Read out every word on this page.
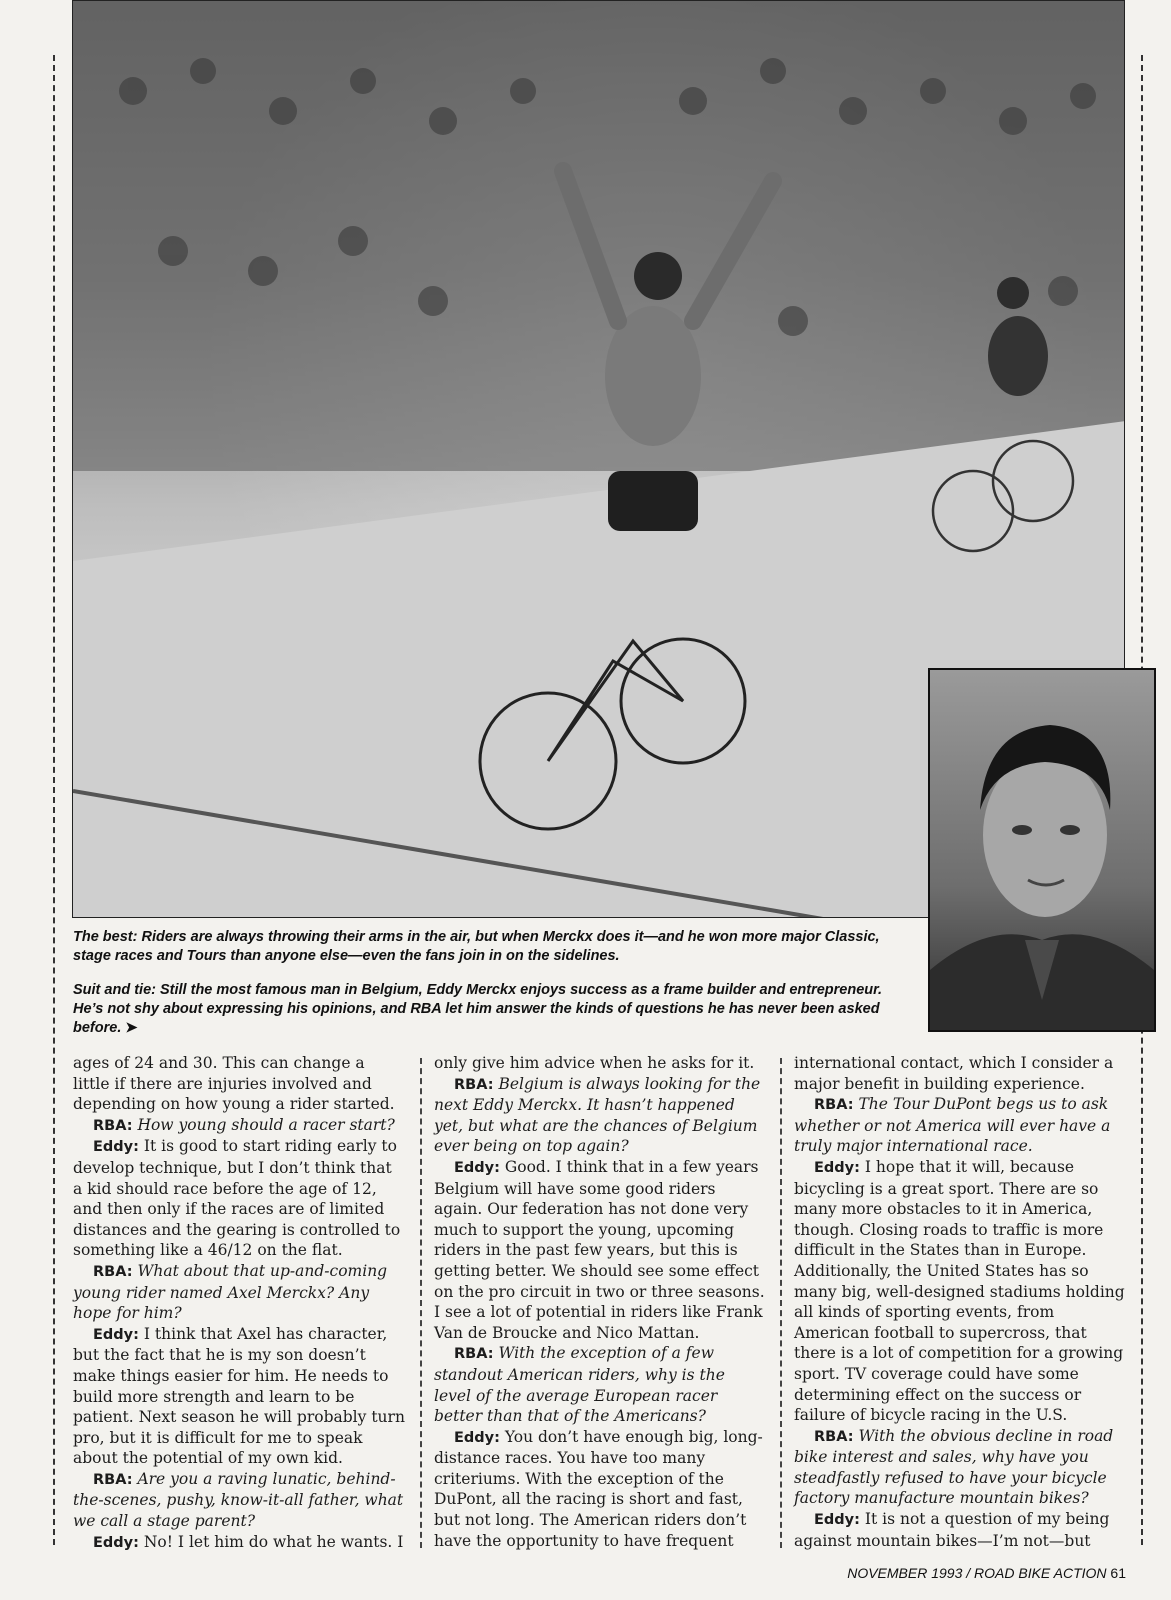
The best: Riders are always throwing their arms in the air, but when Merckx does it—and he won more major Classic, stage races and Tours than anyone else—even the fans join in on the sidelines.
Suit and tie: Still the most famous man in Belgium, Eddy Merckx enjoys success as a frame builder and entrepreneur. He’s not shy about expressing his opinions, and RBA let him answer the kinds of questions he has never been asked before. ➤

ages of 24 and 30. This can change a little if there are injuries involved and depending on how young a rider started.

RBA: How young should a racer start?

Eddy: It is good to start riding early to develop technique, but I don’t think that a kid should race before the age of 12, and then only if the races are of limited distances and the gearing is controlled to something like a 46/12 on the flat.

RBA: What about that up-and-coming young rider named Axel Merckx? Any hope for him?

Eddy: I think that Axel has character, but the fact that he is my son doesn’t make things easier for him. He needs to build more strength and learn to be patient. Next season he will probably turn pro, but it is difficult for me to speak about the potential of my own kid.

RBA: Are you a raving lunatic, behind-the-scenes, pushy, know-it-all father, what we call a stage parent?

Eddy: No! I let him do what he wants. I

only give him advice when he asks for it.

RBA: Belgium is always looking for the next Eddy Merckx. It hasn’t happened yet, but what are the chances of Belgium ever being on top again?

Eddy: Good. I think that in a few years Belgium will have some good riders again. Our federation has not done very much to support the young, upcoming riders in the past few years, but this is getting better. We should see some effect on the pro circuit in two or three seasons. I see a lot of potential in riders like Frank Van de Broucke and Nico Mattan.

RBA: With the exception of a few standout American riders, why is the level of the average European racer better than that of the Americans?

Eddy: You don’t have enough big, long-distance races. You have too many criteriums. With the exception of the DuPont, all the racing is short and fast, but not long. The American riders don’t have the opportunity to have frequent

international contact, which I consider a major benefit in building experience.

RBA: The Tour DuPont begs us to ask whether or not America will ever have a truly major international race.

Eddy: I hope that it will, because bicycling is a great sport. There are so many more obstacles to it in America, though. Closing roads to traffic is more difficult in the States than in Europe. Additionally, the United States has so many big, well-designed stadiums holding all kinds of sporting events, from American football to supercross, that there is a lot of competition for a growing sport. TV coverage could have some determining effect on the success or failure of bicycle racing in the U.S.

RBA: With the obvious decline in road bike interest and sales, why have you steadfastly refused to have your bicycle factory manufacture mountain bikes?

Eddy: It is not a question of my being against mountain bikes—I’m not—but

NOVEMBER 1993 / ROAD BIKE ACTION 61
